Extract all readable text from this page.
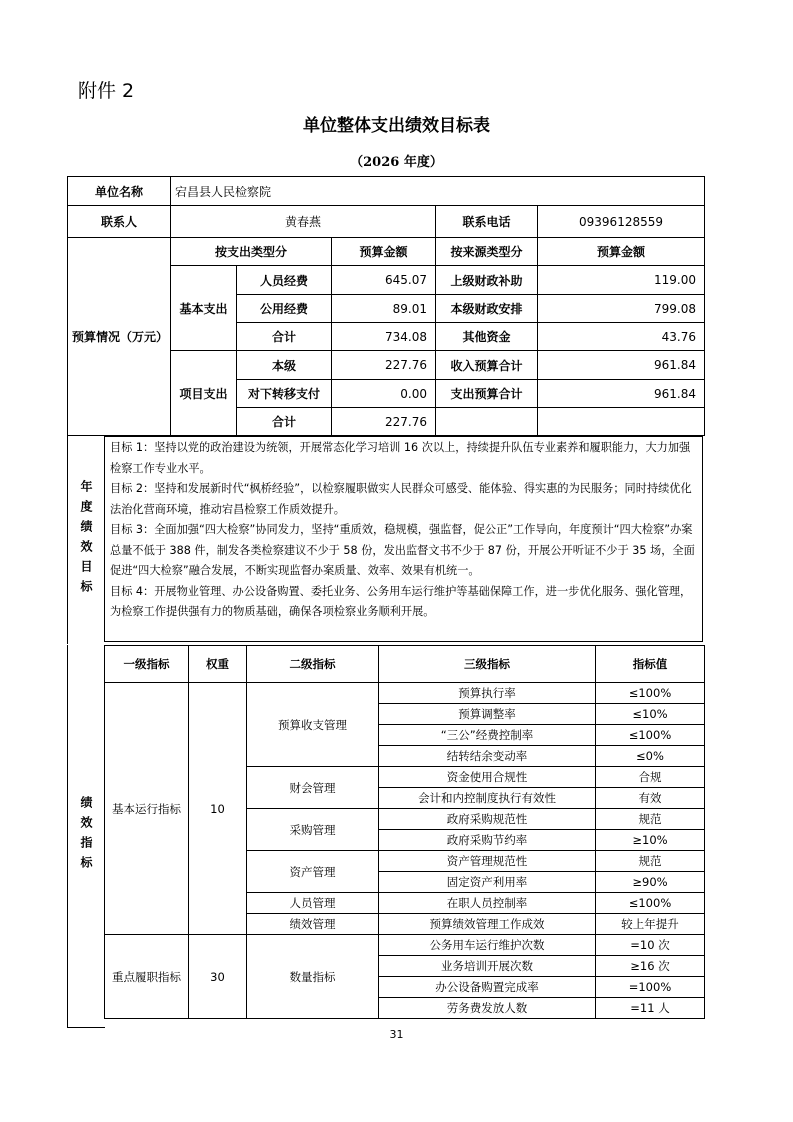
附件 2
单位整体支出绩效目标表
（2026 年度）
单位名称	宕昌县人民检察院				
联系人	黄春燕			联系电话	09396128559
预算情况（万元）	按支出类型分		预算金额	按来源类型分	预算金额
	基本支出	人员经费	645.07	上级财政补助	119.00
		公用经费	89.01	本级财政安排	799.08
		合计	734.08	其他资金	43.76
	项目支出	本级	227.76	收入预算合计	961.84
		对下转移支付	0.00	支出预算合计	961.84
		合计	227.76		
年度绩效目标
目标 1：坚持以党的政治建设为统领，开展常态化学习培训 16 次以上，持续提升队伍专业素养和履职能力，大力加强检察工作专业水平。
目标 2：坚持和发展新时代“枫桥经验”，以检察履职做实人民群众可感受、能体验、得实惠的为民服务；同时持续优化法治化营商环境，推动宕昌检察工作质效提升。
目标 3：全面加强“四大检察”协同发力，坚持“重质效，稳规模，强监督，促公正”工作导向，年度预计“四大检察”办案总量不低于 388 件，制发各类检察建议不少于 58 份，发出监督文书不少于 87 份，开展公开听证不少于 35 场，全面促进“四大检察”融合发展，不断实现监督办案质量、效率、效果有机统一。
目标 4：开展物业管理、办公设备购置、委托业务、公务用车运行维护等基础保障工作，进一步优化服务、强化管理，为检察工作提供强有力的物质基础，确保各项检察业务顺利开展。
绩效指标
一级指标	权重	二级指标	三级指标	指标值
基本运行指标	10	预算收支管理	预算执行率	≤100%
			预算调整率	≤10%
			“三公”经费控制率	≤100%
			结转结余变动率	≤0%
		财会管理	资金使用合规性	合规
			会计和内控制度执行有效性	有效
		采购管理	政府采购规范性	规范
			政府采购节约率	≥10%
		资产管理	资产管理规范性	规范
			固定资产利用率	≥90%
		人员管理	在职人员控制率	≤100%
		绩效管理	预算绩效管理工作成效	较上年提升
重点履职指标	30	数量指标	公务用车运行维护次数	=10 次
			业务培训开展次数	≥16 次
			办公设备购置完成率	=100%
			劳务费发放人数	=11 人
31
